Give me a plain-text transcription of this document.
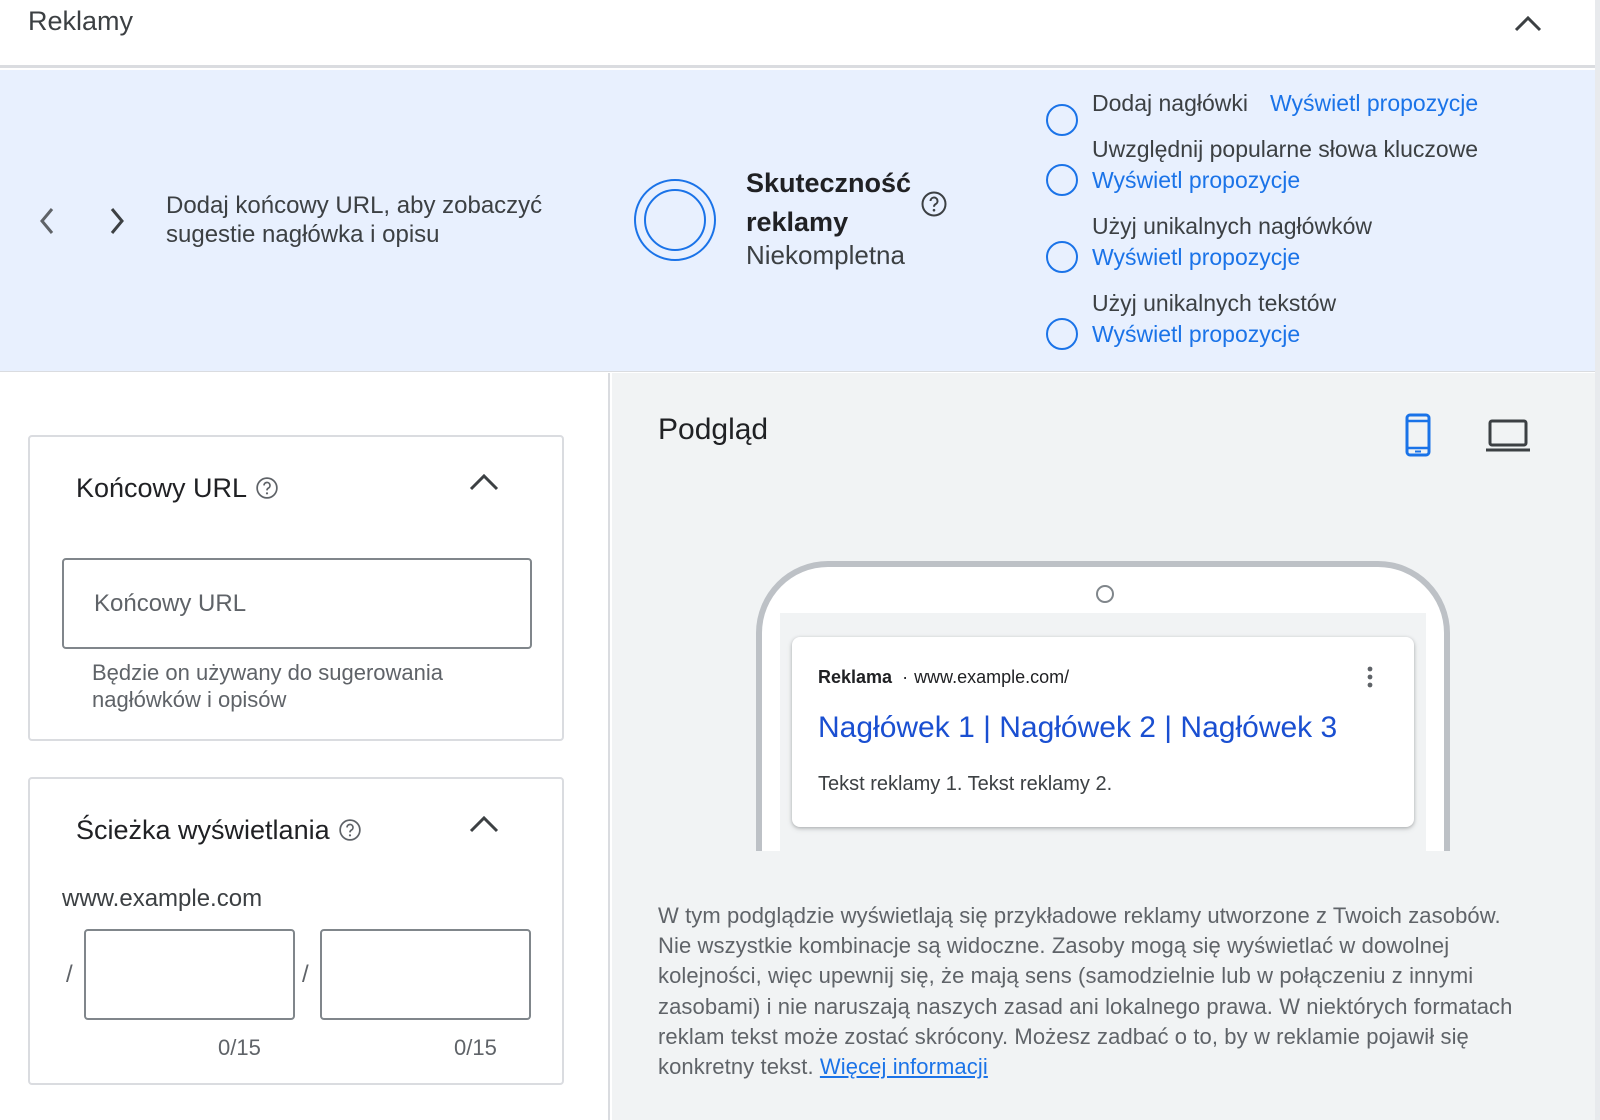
Reklamy
Dodaj końcowy URL, aby zobaczyć sugestie nagłówka i opisu
Skuteczność reklamy
Niekompletna
Dodaj nagłówki Wyświetl propozycje
Uwzględnij popularne słowa kluczowe
Wyświetl propozycje
Użyj unikalnych nagłówków
Wyświetl propozycje
Użyj unikalnych tekstów
Wyświetl propozycje
Końcowy URL
Końcowy URL
Będzie on używany do sugerowania nagłówków i opisów
Ścieżka wyświetlania
www.example.com
/	/
0/15	0/15
Podgląd
Reklama · www.example.com/
Nagłówek 1 | Nagłówek 2 | Nagłówek 3
Tekst reklamy 1. Tekst reklamy 2.
W tym podglądzie wyświetlają się przykładowe reklamy utworzone z Twoich zasobów. Nie wszystkie kombinacje są widoczne. Zasoby mogą się wyświetlać w dowolnej kolejności, więc upewnij się, że mają sens (samodzielnie lub w połączeniu z innymi zasobami) i nie naruszają naszych zasad ani lokalnego prawa. W niektórych formatach reklam tekst może zostać skrócony. Możesz zadbać o to, by w reklamie pojawił się konkretny tekst. Więcej informacji
